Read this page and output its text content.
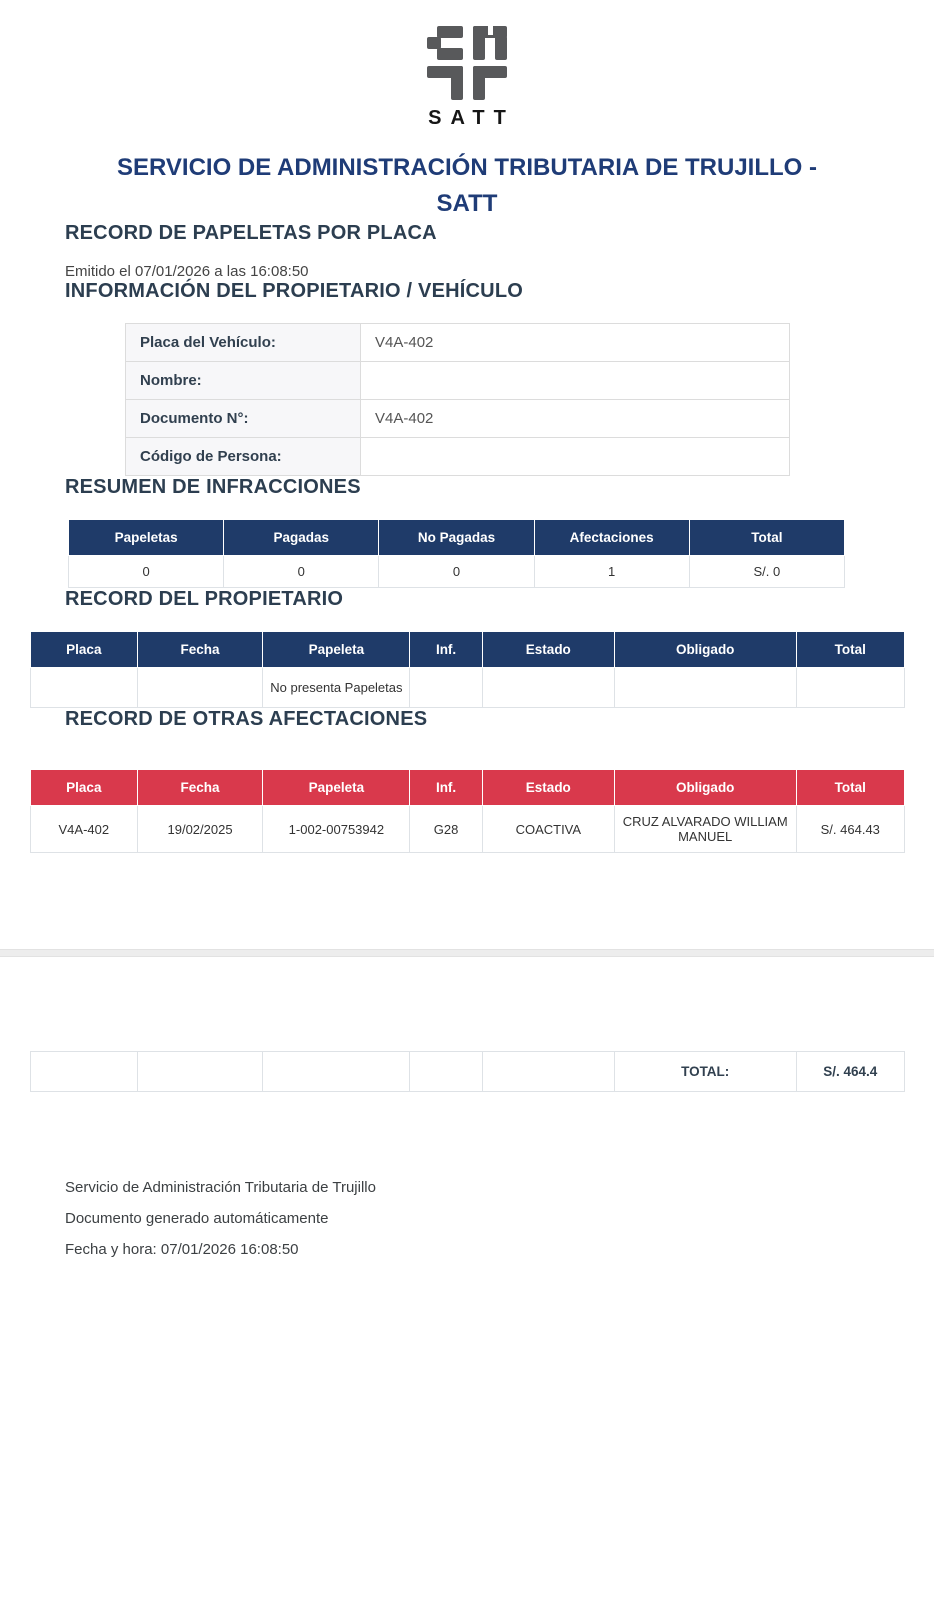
SATT
SERVICIO DE ADMINISTRACIÓN TRIBUTARIA DE TRUJILLO -
SATT
RECORD DE PAPELETAS POR PLACA
Emitido el 07/01/2026 a las 16:08:50
INFORMACIÓN DEL PROPIETARIO / VEHÍCULO
Placa del Vehículo:	V4A-402
Nombre:	
Documento N°:	V4A-402
Código de Persona:	
RESUMEN DE INFRACCIONES
Papeletas	Pagadas	No Pagadas	Afectaciones	Total
0	0	0	1	S/. 0
RECORD DEL PROPIETARIO
Placa	Fecha	Papeleta	Inf.	Estado	Obligado	Total
		No presenta Papeletas				
RECORD DE OTRAS AFECTACIONES
Placa	Fecha	Papeleta	Inf.	Estado	Obligado	Total
V4A-402	19/02/2025	1-002-00753942	G28	COACTIVA	CRUZ ALVARADO WILLIAM MANUEL	S/. 464.43
					TOTAL:	S/. 464.4

Servicio de Administración Tributaria de Trujillo

Documento generado automáticamente

Fecha y hora: 07/01/2026 16:08:50
